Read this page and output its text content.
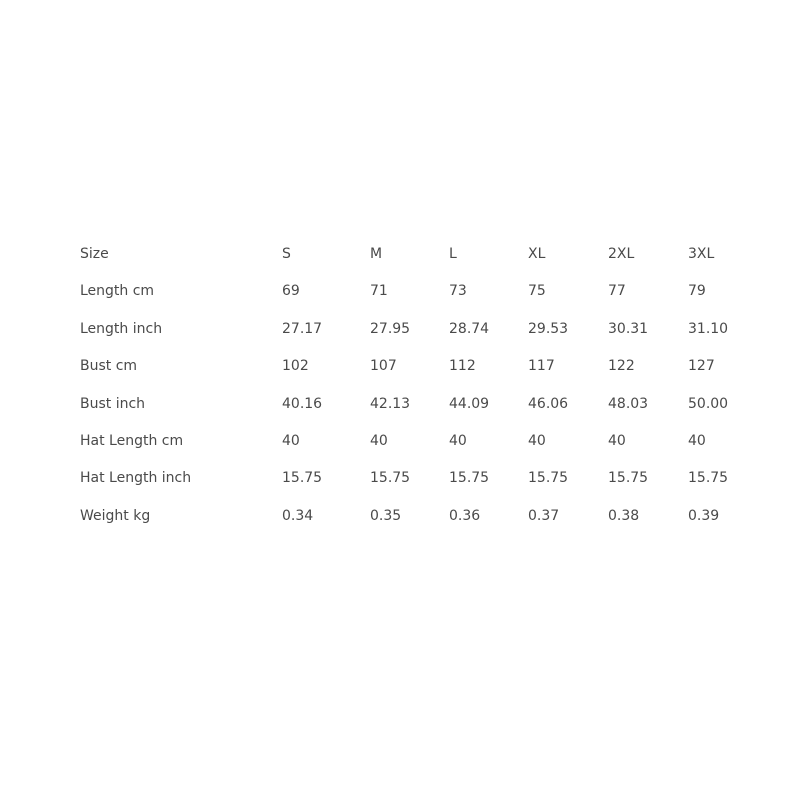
Size	S	M	L	XL	2XL	3XL
Length cm	69	71	73	75	77	79
Length inch	27.17	27.95	28.74	29.53	30.31	31.10
Bust cm	102	107	112	117	122	127
Bust inch	40.16	42.13	44.09	46.06	48.03	50.00
Hat Length cm	40	40	40	40	40	40
Hat Length inch	15.75	15.75	15.75	15.75	15.75	15.75
Weight kg	0.34	0.35	0.36	0.37	0.38	0.39
